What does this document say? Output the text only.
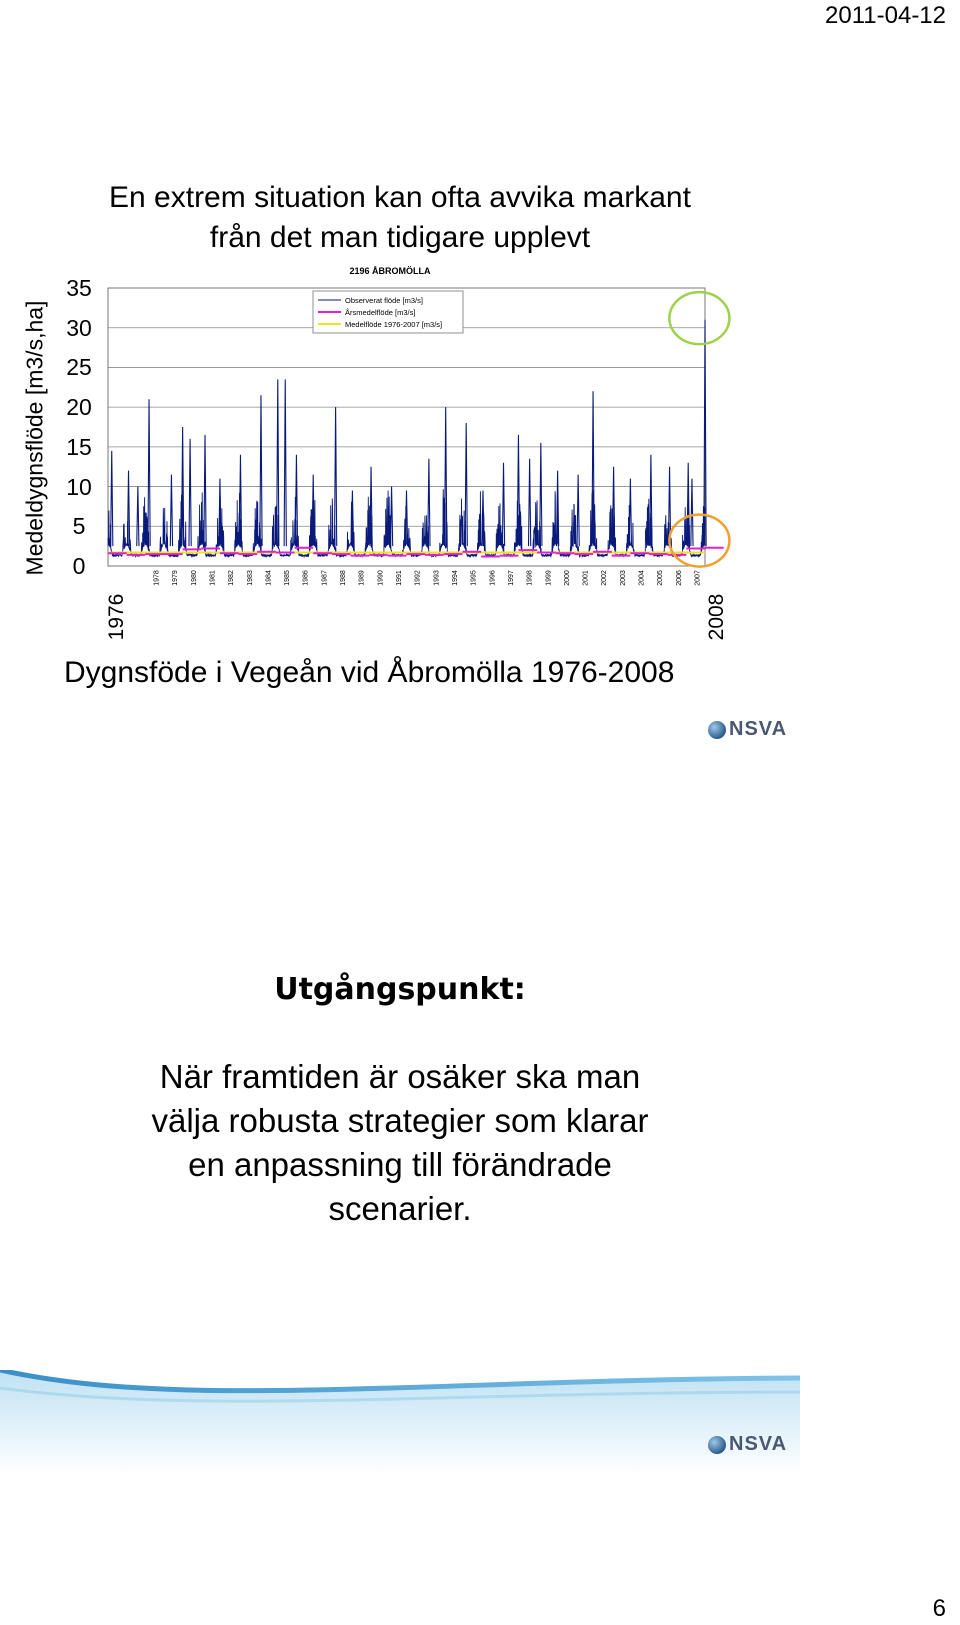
2011-04-12
En extrem situation kan ofta avvika markant
från det man tidigare upplevt
Medeldygnsflöde [m3/s,ha]
35
30
25
20
15
10
5
0
2196 ÅBROMÖLLA
1978 1979 1980 1981 1982 1983 1984 1985 1986 1987 1988 1989 1990 1991 1992 1993 1994 1995 1996 1997 1998 1999 2000 2001 2002 2003 2004 2005 2006 2007
Observerat flöde [m3/s]
Årsmedelflöde [m3/s]
Medelflöde 1976-2007 [m3/s]
1976	2008
Dygnsföde i Vegeån vid Åbromölla 1976-2008
NSVA
Utgångspunkt:
När framtiden är osäker ska man
välja robusta strategier som klarar
en anpassning till förändrade
scenarier.
NSVA
6
